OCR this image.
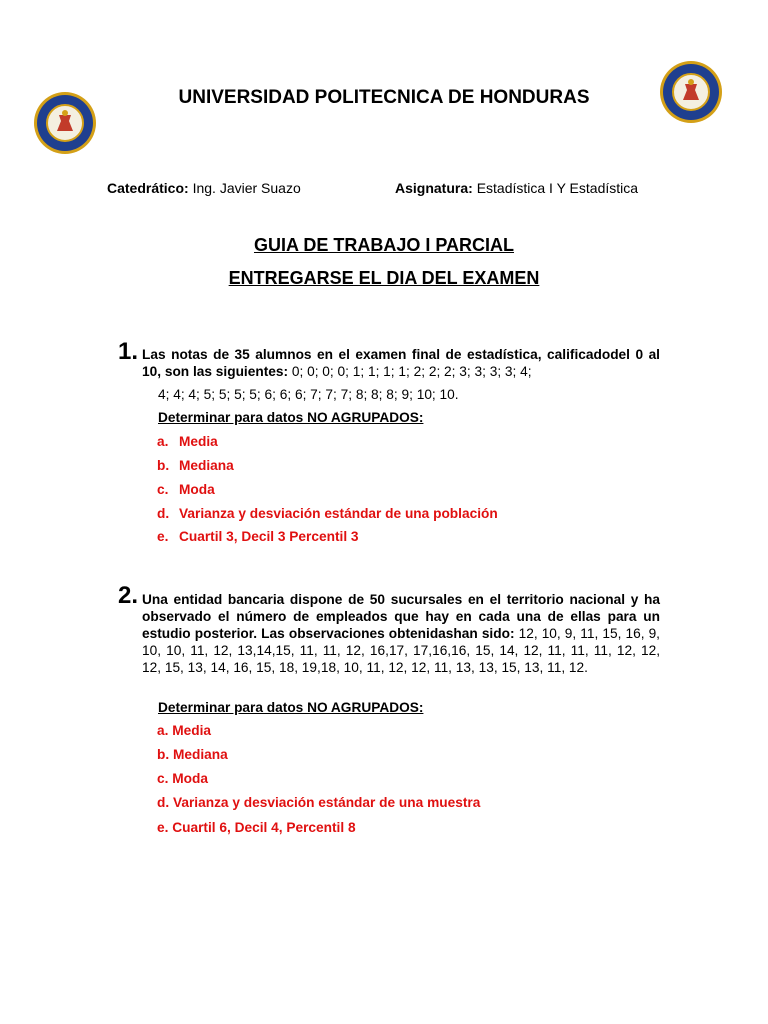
UNIVERSIDAD POLITECNICA DE HONDURAS
Catedrático: Ing. Javier Suazo	Asignatura: Estadística I Y Estadística
GUIA DE TRABAJO I PARCIAL
ENTREGARSE EL DIA DEL EXAMEN
1. Las notas de 35 alumnos en el examen final de estadística, calificadodel 0 al 10, son las siguientes: 0; 0; 0; 0; 1; 1; 1; 1; 2; 2; 2; 3; 3; 3; 3; 4;
4; 4; 4; 5; 5; 5; 5; 6; 6; 6; 7; 7; 7; 8; 8; 8; 9; 10; 10.
Determinar para datos NO AGRUPADOS:
a. Media
b. Mediana
c. Moda
d. Varianza y desviación estándar de una población
e. Cuartil 3, Decil 3 Percentil 3
2. Una entidad bancaria dispone de 50 sucursales en el territorio nacional y ha observado el número de empleados que hay en cada una de ellas para un estudio posterior. Las observaciones obtenidashan sido: 12, 10, 9, 11, 15, 16, 9, 10, 10, 11, 12, 13,14,15, 11, 11, 12, 16,17, 17,16,16, 15, 14, 12, 11, 11, 11, 12, 12, 12, 15, 13, 14, 16, 15, 18, 19,18, 10, 11, 12, 12, 11, 13, 13, 15, 13, 11, 12.
Determinar para datos NO AGRUPADOS:
a. Media
b. Mediana
c. Moda
d. Varianza y desviación estándar de una muestra
e. Cuartil 6, Decil 4, Percentil 8
